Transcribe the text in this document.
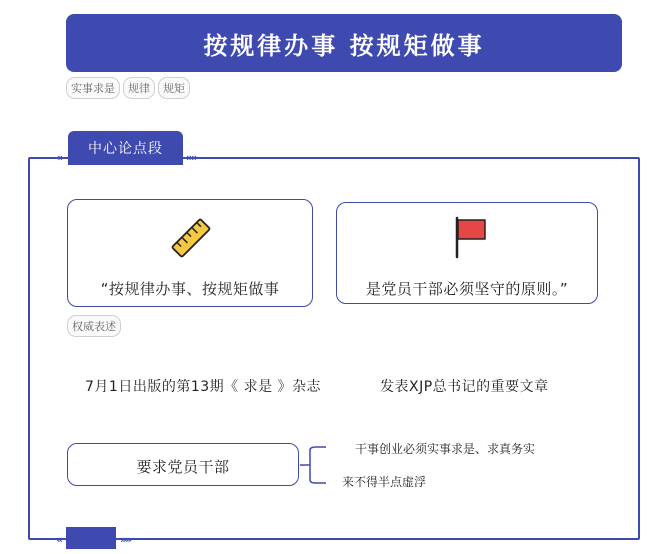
按规律办事 按规矩做事
实事求是	规律	规矩
中心论点段
«	»»
“按规律办事、按规矩做事	是党员干部必须坚守的原则。”
权威表述
7月1日出版的第13期《 求是 》杂志	发表XJP总书记的重要文章
要求党员干部
干事创业必须实事求是、求真务实
来不得半点虚浮
«	»»
